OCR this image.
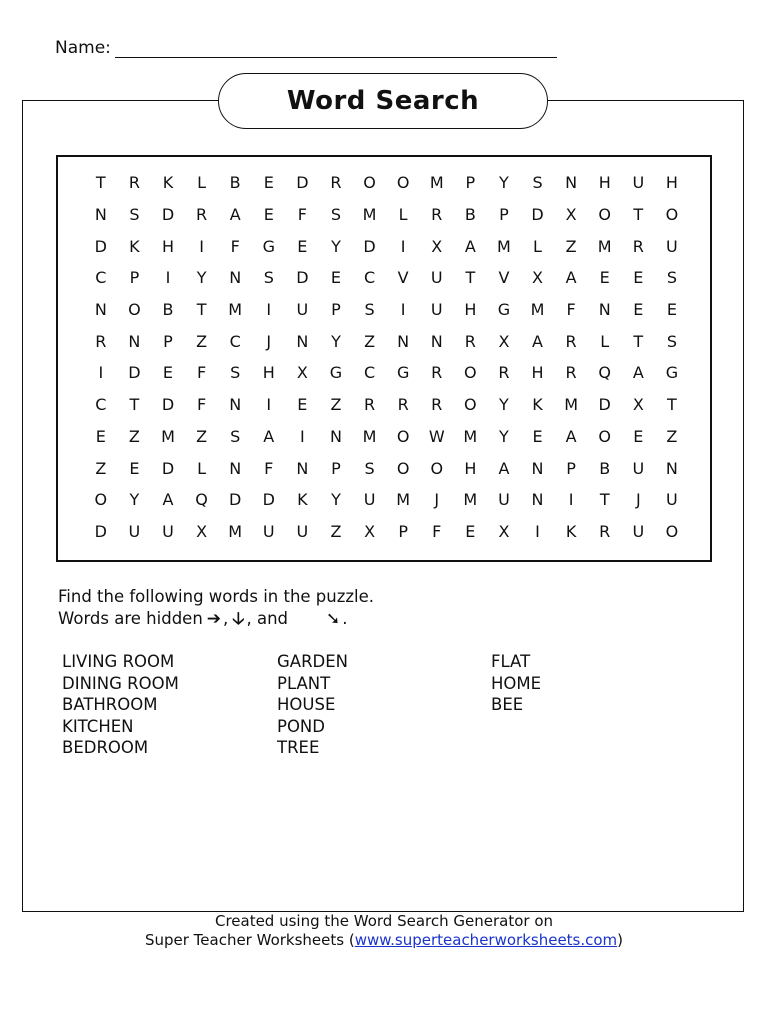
Name:
Word Search
T	R	K	L	B	E	D	R	O	O	M	P	Y	S	N	H	U	H
N	S	D	R	A	E	F	S	M	L	R	B	P	D	X	O	T	O
D	K	H	I	F	G	E	Y	D	I	X	A	M	L	Z	M	R	U
C	P	I	Y	N	S	D	E	C	V	U	T	V	X	A	E	E	S
N	O	B	T	M	I	U	P	S	I	U	H	G	M	F	N	E	E
R	N	P	Z	C	J	N	Y	Z	N	N	R	X	A	R	L	T	S
I	D	E	F	S	H	X	G	C	G	R	O	R	H	R	Q	A	G
C	T	D	F	N	I	E	Z	R	R	R	O	Y	K	M	D	X	T
E	Z	M	Z	S	A	I	N	M	O	W	M	Y	E	A	O	E	Z
Z	E	D	L	N	F	N	P	S	O	O	H	A	N	P	B	U	N
O	Y	A	Q	D	D	K	Y	U	M	J	M	U	N	I	T	J	U
D	U	U	X	M	U	U	Z	X	P	F	E	X	I	K	R	U	O
Find the following words in the puzzle.
Words are hidden ➔ , 🡣 , and ➘ .
LIVING ROOM
DINING ROOM
BATHROOM
KITCHEN
BEDROOM
GARDEN
PLANT
HOUSE
POND
TREE
FLAT
HOME
BEE
Created using the Word Search Generator on
Super Teacher Worksheets (www.superteacherworksheets.com)
